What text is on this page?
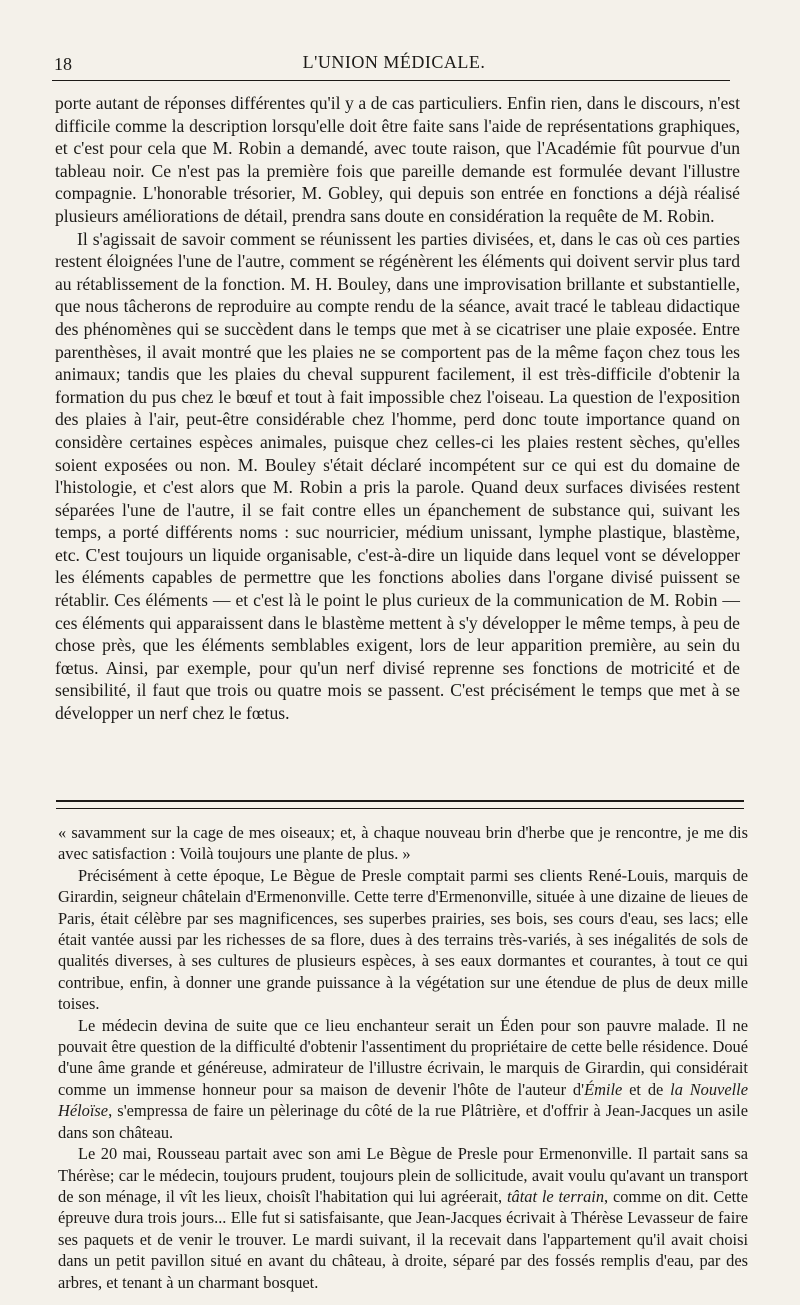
18	L'UNION MÉDICALE.

porte autant de réponses différentes qu'il y a de cas particuliers. Enfin rien, dans le discours, n'est difficile comme la description lorsqu'elle doit être faite sans l'aide de représentations graphiques, et c'est pour cela que M. Robin a demandé, avec toute raison, que l'Académie fût pourvue d'un tableau noir. Ce n'est pas la première fois que pareille demande est formulée devant l'illustre compagnie. L'honorable trésorier, M. Gobley, qui depuis son entrée en fonctions a déjà réalisé plusieurs améliorations de détail, prendra sans doute en considération la requête de M. Robin.

Il s'agissait de savoir comment se réunissent les parties divisées, et, dans le cas où ces parties restent éloignées l'une de l'autre, comment se régénèrent les éléments qui doivent servir plus tard au rétablissement de la fonction. M. H. Bouley, dans une improvisation brillante et substantielle, que nous tâcherons de reproduire au compte rendu de la séance, avait tracé le tableau didactique des phénomènes qui se succèdent dans le temps que met à se cicatriser une plaie exposée. Entre parenthèses, il avait montré que les plaies ne se comportent pas de la même façon chez tous les animaux; tandis que les plaies du cheval suppurent facilement, il est très-difficile d'obtenir la formation du pus chez le bœuf et tout à fait impossible chez l'oiseau. La question de l'exposition des plaies à l'air, peut-être considérable chez l'homme, perd donc toute importance quand on considère certaines espèces animales, puisque chez celles-ci les plaies restent sèches, qu'elles soient exposées ou non. M. Bouley s'était déclaré incompétent sur ce qui est du domaine de l'histologie, et c'est alors que M. Robin a pris la parole. Quand deux surfaces divisées restent séparées l'une de l'autre, il se fait contre elles un épanchement de substance qui, suivant les temps, a porté différents noms : suc nourricier, médium unissant, lymphe plastique, blastème, etc. C'est toujours un liquide organisable, c'est-à-dire un liquide dans lequel vont se développer les éléments capables de permettre que les fonctions abolies dans l'organe divisé puissent se rétablir. Ces éléments — et c'est là le point le plus curieux de la communication de M. Robin — ces éléments qui apparaissent dans le blastème mettent à s'y développer le même temps, à peu de chose près, que les éléments semblables exigent, lors de leur apparition première, au sein du fœtus. Ainsi, par exemple, pour qu'un nerf divisé reprenne ses fonctions de motricité et de sensibilité, il faut que trois ou quatre mois se passent. C'est précisément le temps que met à se développer un nerf chez le fœtus.

« savamment sur la cage de mes oiseaux; et, à chaque nouveau brin d'herbe que je rencontre, je me dis avec satisfaction : Voilà toujours une plante de plus. »

Précisément à cette époque, Le Bègue de Presle comptait parmi ses clients René-Louis, marquis de Girardin, seigneur châtelain d'Ermenonville. Cette terre d'Ermenonville, située à une dizaine de lieues de Paris, était célèbre par ses magnificences, ses superbes prairies, ses bois, ses cours d'eau, ses lacs; elle était vantée aussi par les richesses de sa flore, dues à des terrains très-variés, à ses inégalités de sols de qualités diverses, à ses cultures de plusieurs espèces, à ses eaux dormantes et courantes, à tout ce qui contribue, enfin, à donner une grande puissance à la végétation sur une étendue de plus de deux mille toises.

Le médecin devina de suite que ce lieu enchanteur serait un Éden pour son pauvre malade. Il ne pouvait être question de la difficulté d'obtenir l'assentiment du propriétaire de cette belle résidence. Doué d'une âme grande et généreuse, admirateur de l'illustre écrivain, le marquis de Girardin, qui considérait comme un immense honneur pour sa maison de devenir l'hôte de l'auteur d'Émile et de la Nouvelle Héloïse, s'empressa de faire un pèlerinage du côté de la rue Plâtrière, et d'offrir à Jean-Jacques un asile dans son château.

Le 20 mai, Rousseau partait avec son ami Le Bègue de Presle pour Ermenonville. Il partait sans sa Thérèse; car le médecin, toujours prudent, toujours plein de sollicitude, avait voulu qu'avant un transport de son ménage, il vît les lieux, choisît l'habitation qui lui agréerait, tâtat le terrain, comme on dit. Cette épreuve dura trois jours... Elle fut si satisfaisante, que Jean-Jacques écrivait à Thérèse Levasseur de faire ses paquets et de venir le trouver. Le mardi suivant, il la recevait dans l'appartement qu'il avait choisi dans un petit pavillon situé en avant du château, à droite, séparé par des fossés remplis d'eau, par des arbres, et tenant à un charmant bosquet.
